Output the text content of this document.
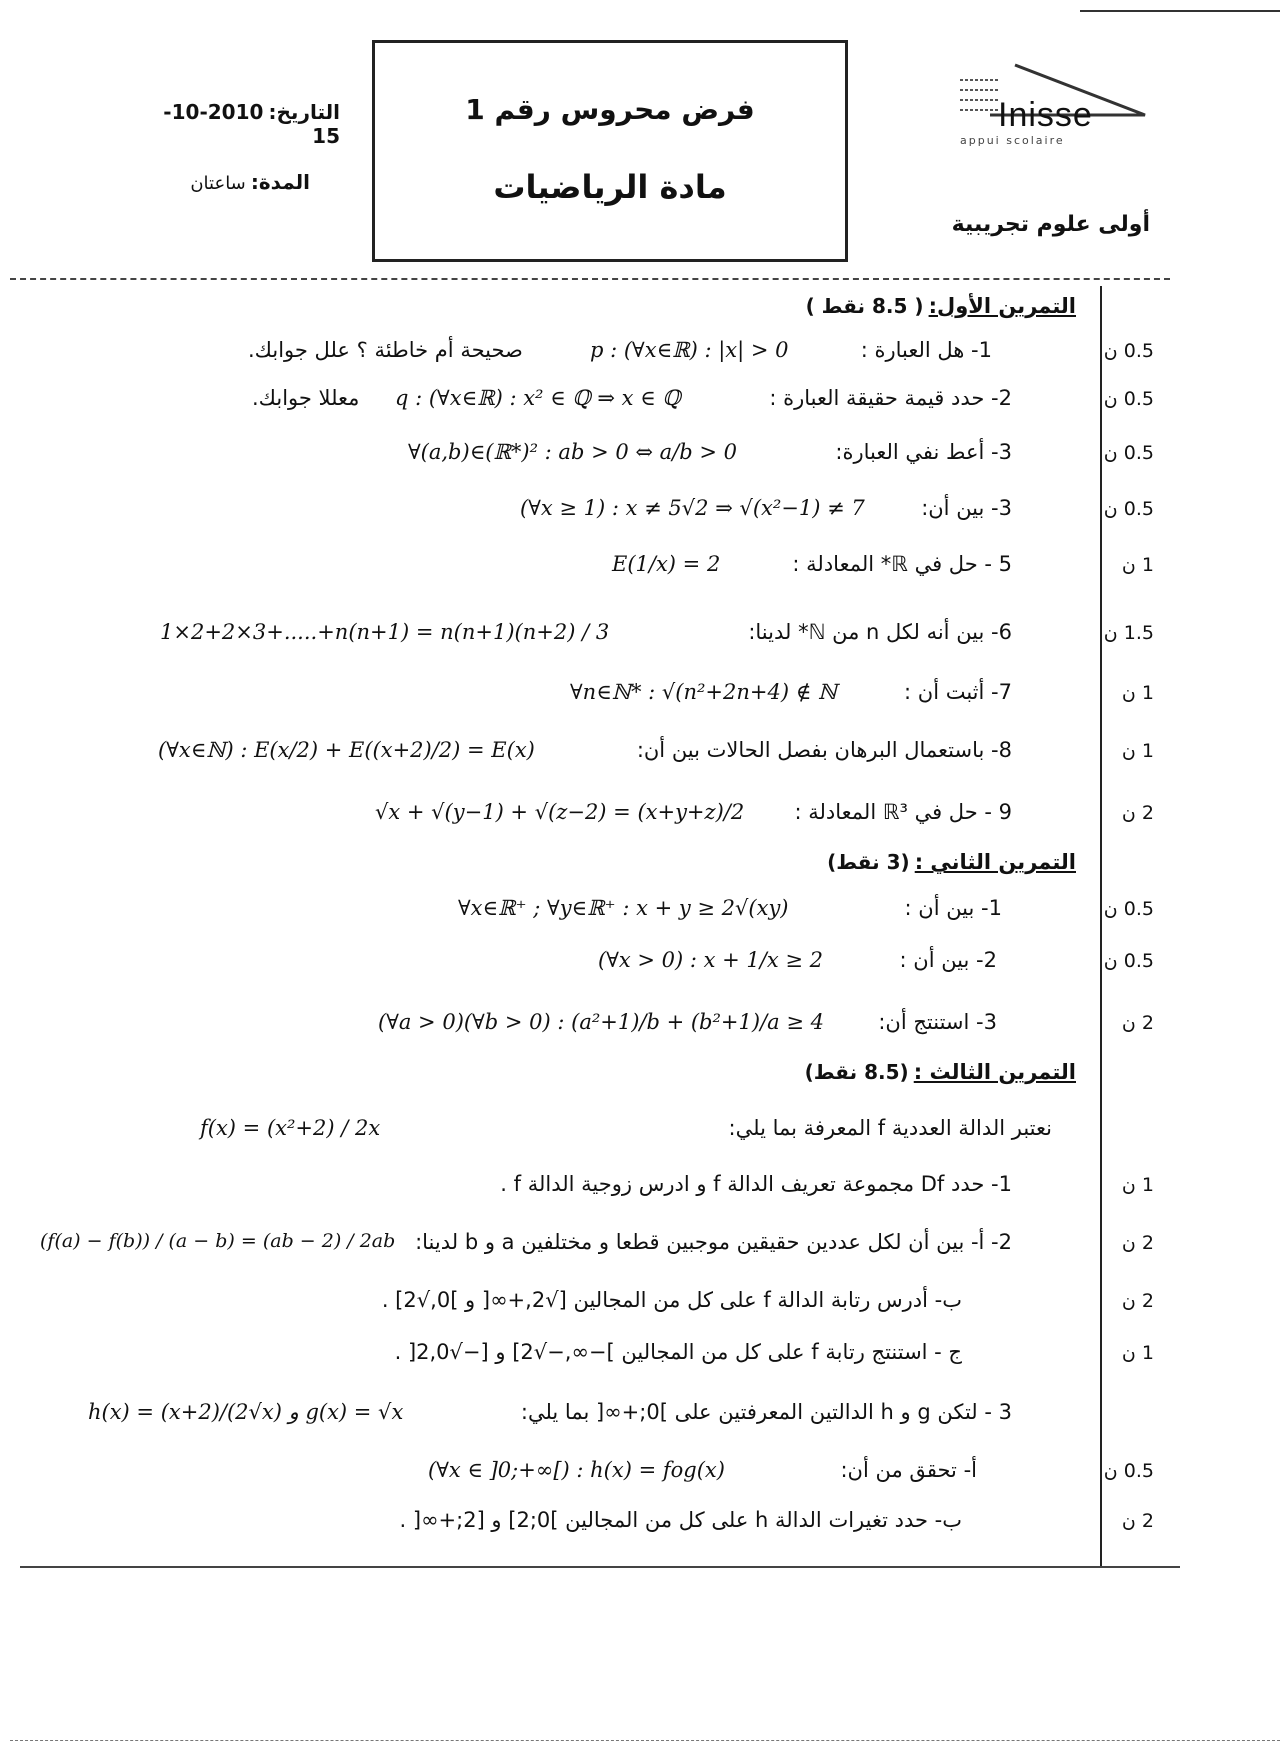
التاريخ: 2010-10-15
المدة: ساعتان
فرض محروس رقم 1
مادة الرياضيات
Inisse
appui scolaire
أولى علوم تجريبية
التمرين الأول: ( 8.5 نقط )
1- هل العبارة :
p : (∀x∈ℝ) : |x| > 0
صحيحة أم خاطئة ؟ علل جوابك.	0.5 ن
2- حدد قيمة حقيقة العبارة :
q : (∀x∈ℝ) : x² ∈ ℚ ⇒ x ∈ ℚ
معللا جوابك.	0.5 ن
3- أعط نفي العبارة:
∀(a,b)∈(ℝ*)² : ab > 0 ⇔ a/b > 0	0.5 ن
3- بين أن:
(∀x ≥ 1) : x ≠ 5√2 ⇒ √(x²−1) ≠ 7	0.5 ن
5 - حل في ℝ* المعادلة :
E(1/x) = 2	1 ن
6- بين أنه لكل n من ℕ* لدينا:
1×2+2×3+.....+n(n+1) = n(n+1)(n+2) / 3	1.5 ن
7- أثبت أن :
∀n∈ℕ* : √(n²+2n+4) ∉ ℕ	1 ن
8- باستعمال البرهان بفصل الحالات بين أن:
(∀x∈ℕ) : E(x/2) + E((x+2)/2) = E(x)	1 ن
9 - حل في ℝ³ المعادلة :
√x + √(y−1) + √(z−2) = (x+y+z)/2	2 ن
التمرين الثاني : (3 نقط)
1- بين أن :
∀x∈ℝ⁺ ; ∀y∈ℝ⁺ : x + y ≥ 2√(xy)	0.5 ن
2- بين أن :
(∀x > 0) : x + 1/x ≥ 2	0.5 ن
3- استنتج أن:
(∀a > 0)(∀b > 0) : (a²+1)/b + (b²+1)/a ≥ 4	2 ن
التمرين الثالث : (8.5 نقط)
نعتبر الدالة العددية f المعرفة بما يلي:
f(x) = (x²+2) / 2x
1- حدد Df مجموعة تعريف الدالة f و ادرس زوجية الدالة f .	1 ن
2- أ- بين أن لكل عددين حقيقين موجبين قطعا و مختلفين a و b لدينا:
(f(a) − f(b)) / (a − b) = (ab − 2) / 2ab	2 ن
ب- أدرس رتابة الدالة f على كل من المجالين [√2,+∞[ و ]0,√2] .	2 ن
ج - استنتج رتابة f على كل من المجالين ]−∞,−√2] و [−√2,0[ .	1 ن
3 - لتكن g و h الدالتين المعرفتين على ]0;+∞[ بما يلي:
h(x) = (x+2)/(2√x) و g(x) = √x
أ- تحقق من أن:
(∀x ∈ ]0;+∞[) : h(x) = fog(x)	0.5 ن
ب- حدد تغيرات الدالة h على كل من المجالين ]0;2] و [2;+∞[ .	2 ن
